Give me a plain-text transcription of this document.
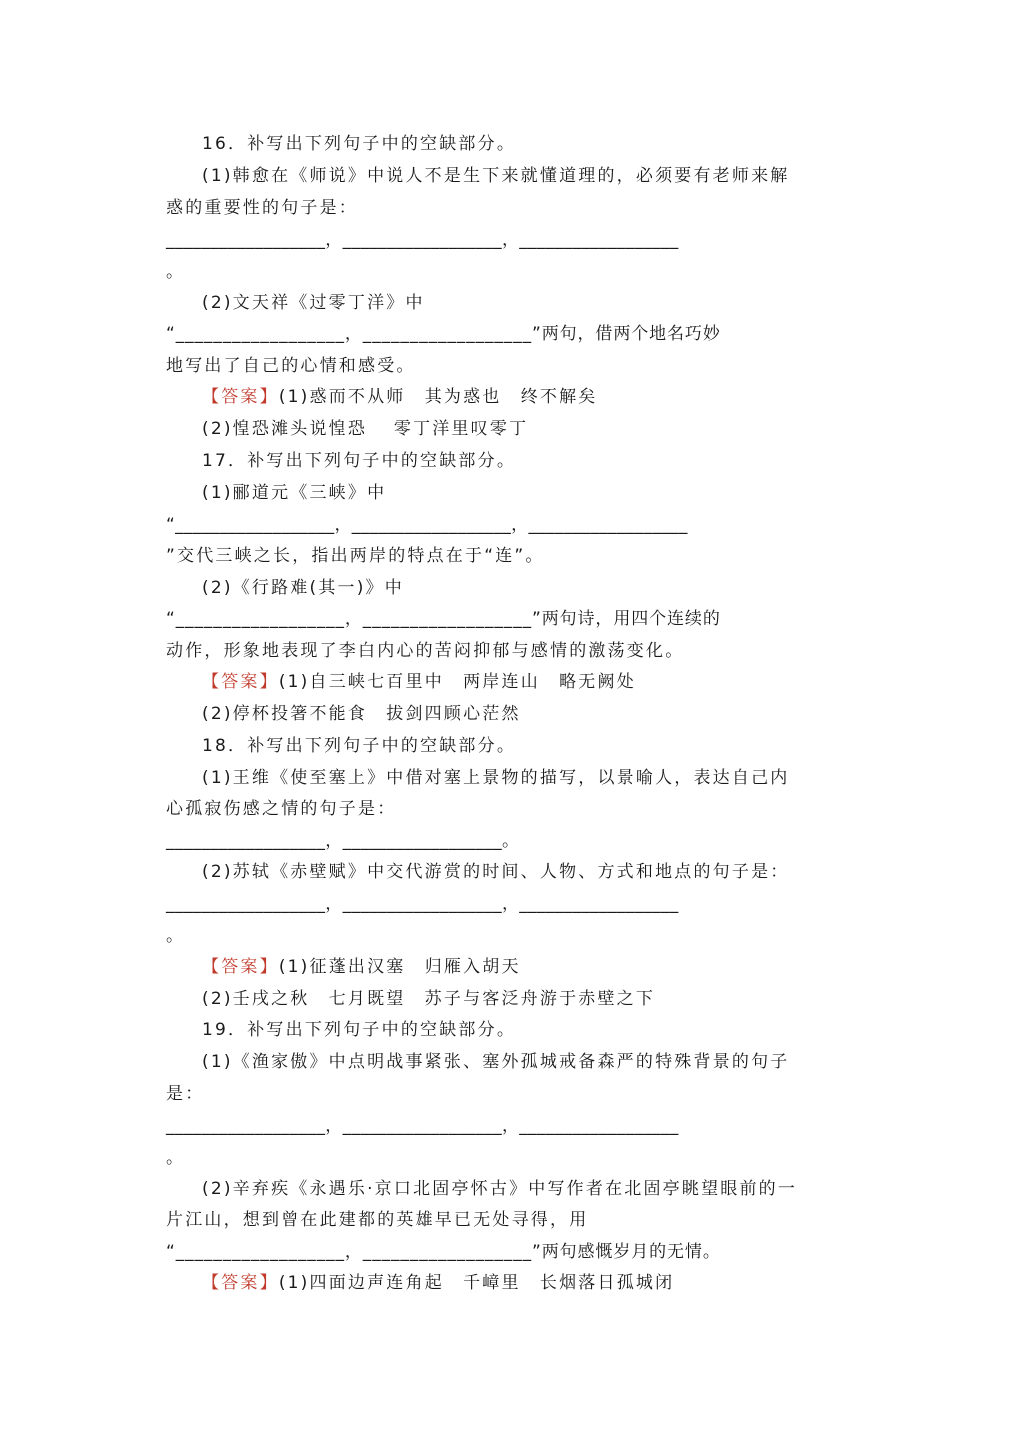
16．补写出下列句子中的空缺部分。
(1)韩愈在《师说》中说人不是生下来就懂道理的，必须要有老师来解
惑的重要性的句子是：
__________________，__________________，__________________
。
(2)文天祥《过零丁洋》中
“__________________，__________________”两句，借两个地名巧妙
地写出了自己的心情和感受。
【答案】(1)惑而不从师　其为惑也　终不解矣
(2)惶恐滩头说惶恐　 零丁洋里叹零丁
17．补写出下列句子中的空缺部分。
(1)郦道元《三峡》中
“__________________，__________________，__________________
”交代三峡之长，指出两岸的特点在于“连”。
(2)《行路难(其一)》中
“__________________，__________________”两句诗，用四个连续的
动作，形象地表现了李白内心的苦闷抑郁与感情的激荡变化。
【答案】(1)自三峡七百里中　两岸连山　略无阙处
(2)停杯投箸不能食　拔剑四顾心茫然
18．补写出下列句子中的空缺部分。
(1)王维《使至塞上》中借对塞上景物的描写，以景喻人，表达自己内
心孤寂伤感之情的句子是：
__________________，__________________。
(2)苏轼《赤壁赋》中交代游赏的时间、人物、方式和地点的句子是：
__________________，__________________，__________________
。
【答案】(1)征蓬出汉塞　归雁入胡天
(2)壬戌之秋　七月既望　苏子与客泛舟游于赤壁之下
19．补写出下列句子中的空缺部分。
(1)《渔家傲》中点明战事紧张、塞外孤城戒备森严的特殊背景的句子
是：
__________________，__________________，__________________
。
(2)辛弃疾《永遇乐·京口北固亭怀古》中写作者在北固亭眺望眼前的一
片江山，想到曾在此建都的英雄早已无处寻得，用
“__________________，__________________”两句感慨岁月的无情。
【答案】(1)四面边声连角起　千嶂里　长烟落日孤城闭
